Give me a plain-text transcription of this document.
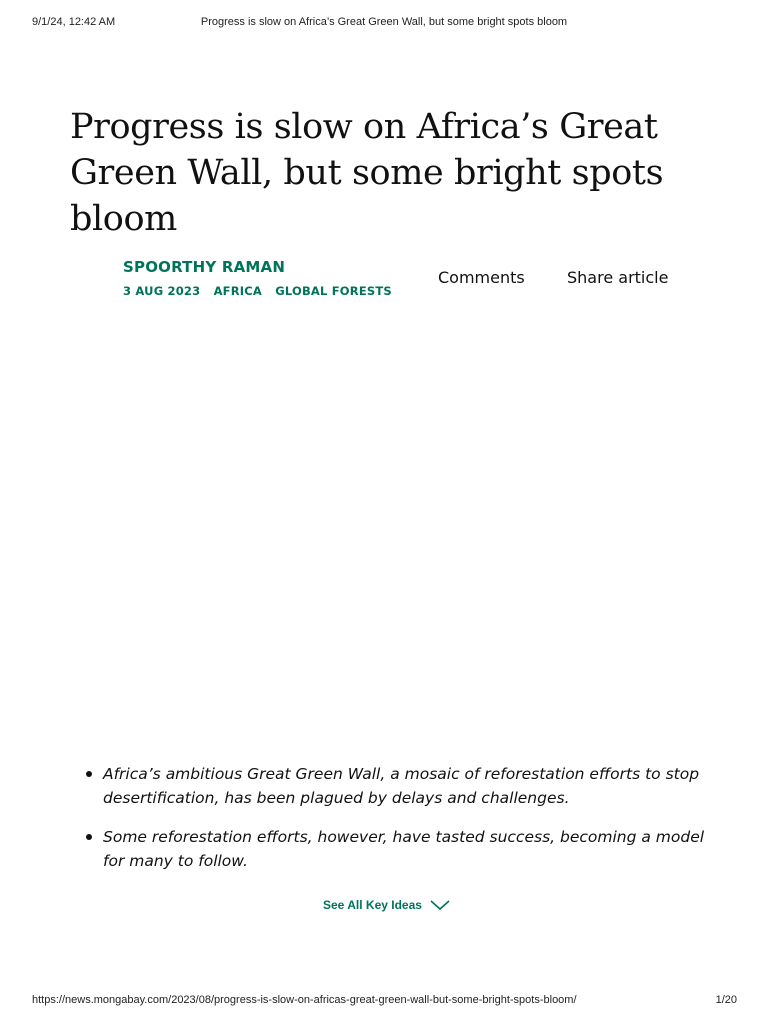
9/1/24, 12:42 AM	Progress is slow on Africa’s Great Green Wall, but some bright spots bloom
Progress is slow on Africa’s Great Green Wall, but some bright spots bloom
SPOORTHY RAMAN
3 AUG 2023 AFRICA GLOBAL FORESTS
Comments	Share article
Africa’s ambitious Great Green Wall, a mosaic of reforestation efforts to stop desertification, has been plagued by delays and challenges.
Some reforestation efforts, however, have tasted success, becoming a model for many to follow.
See All Key Ideas
https://news.mongabay.com/2023/08/progress-is-slow-on-africas-great-green-wall-but-some-bright-spots-bloom/	1/20
